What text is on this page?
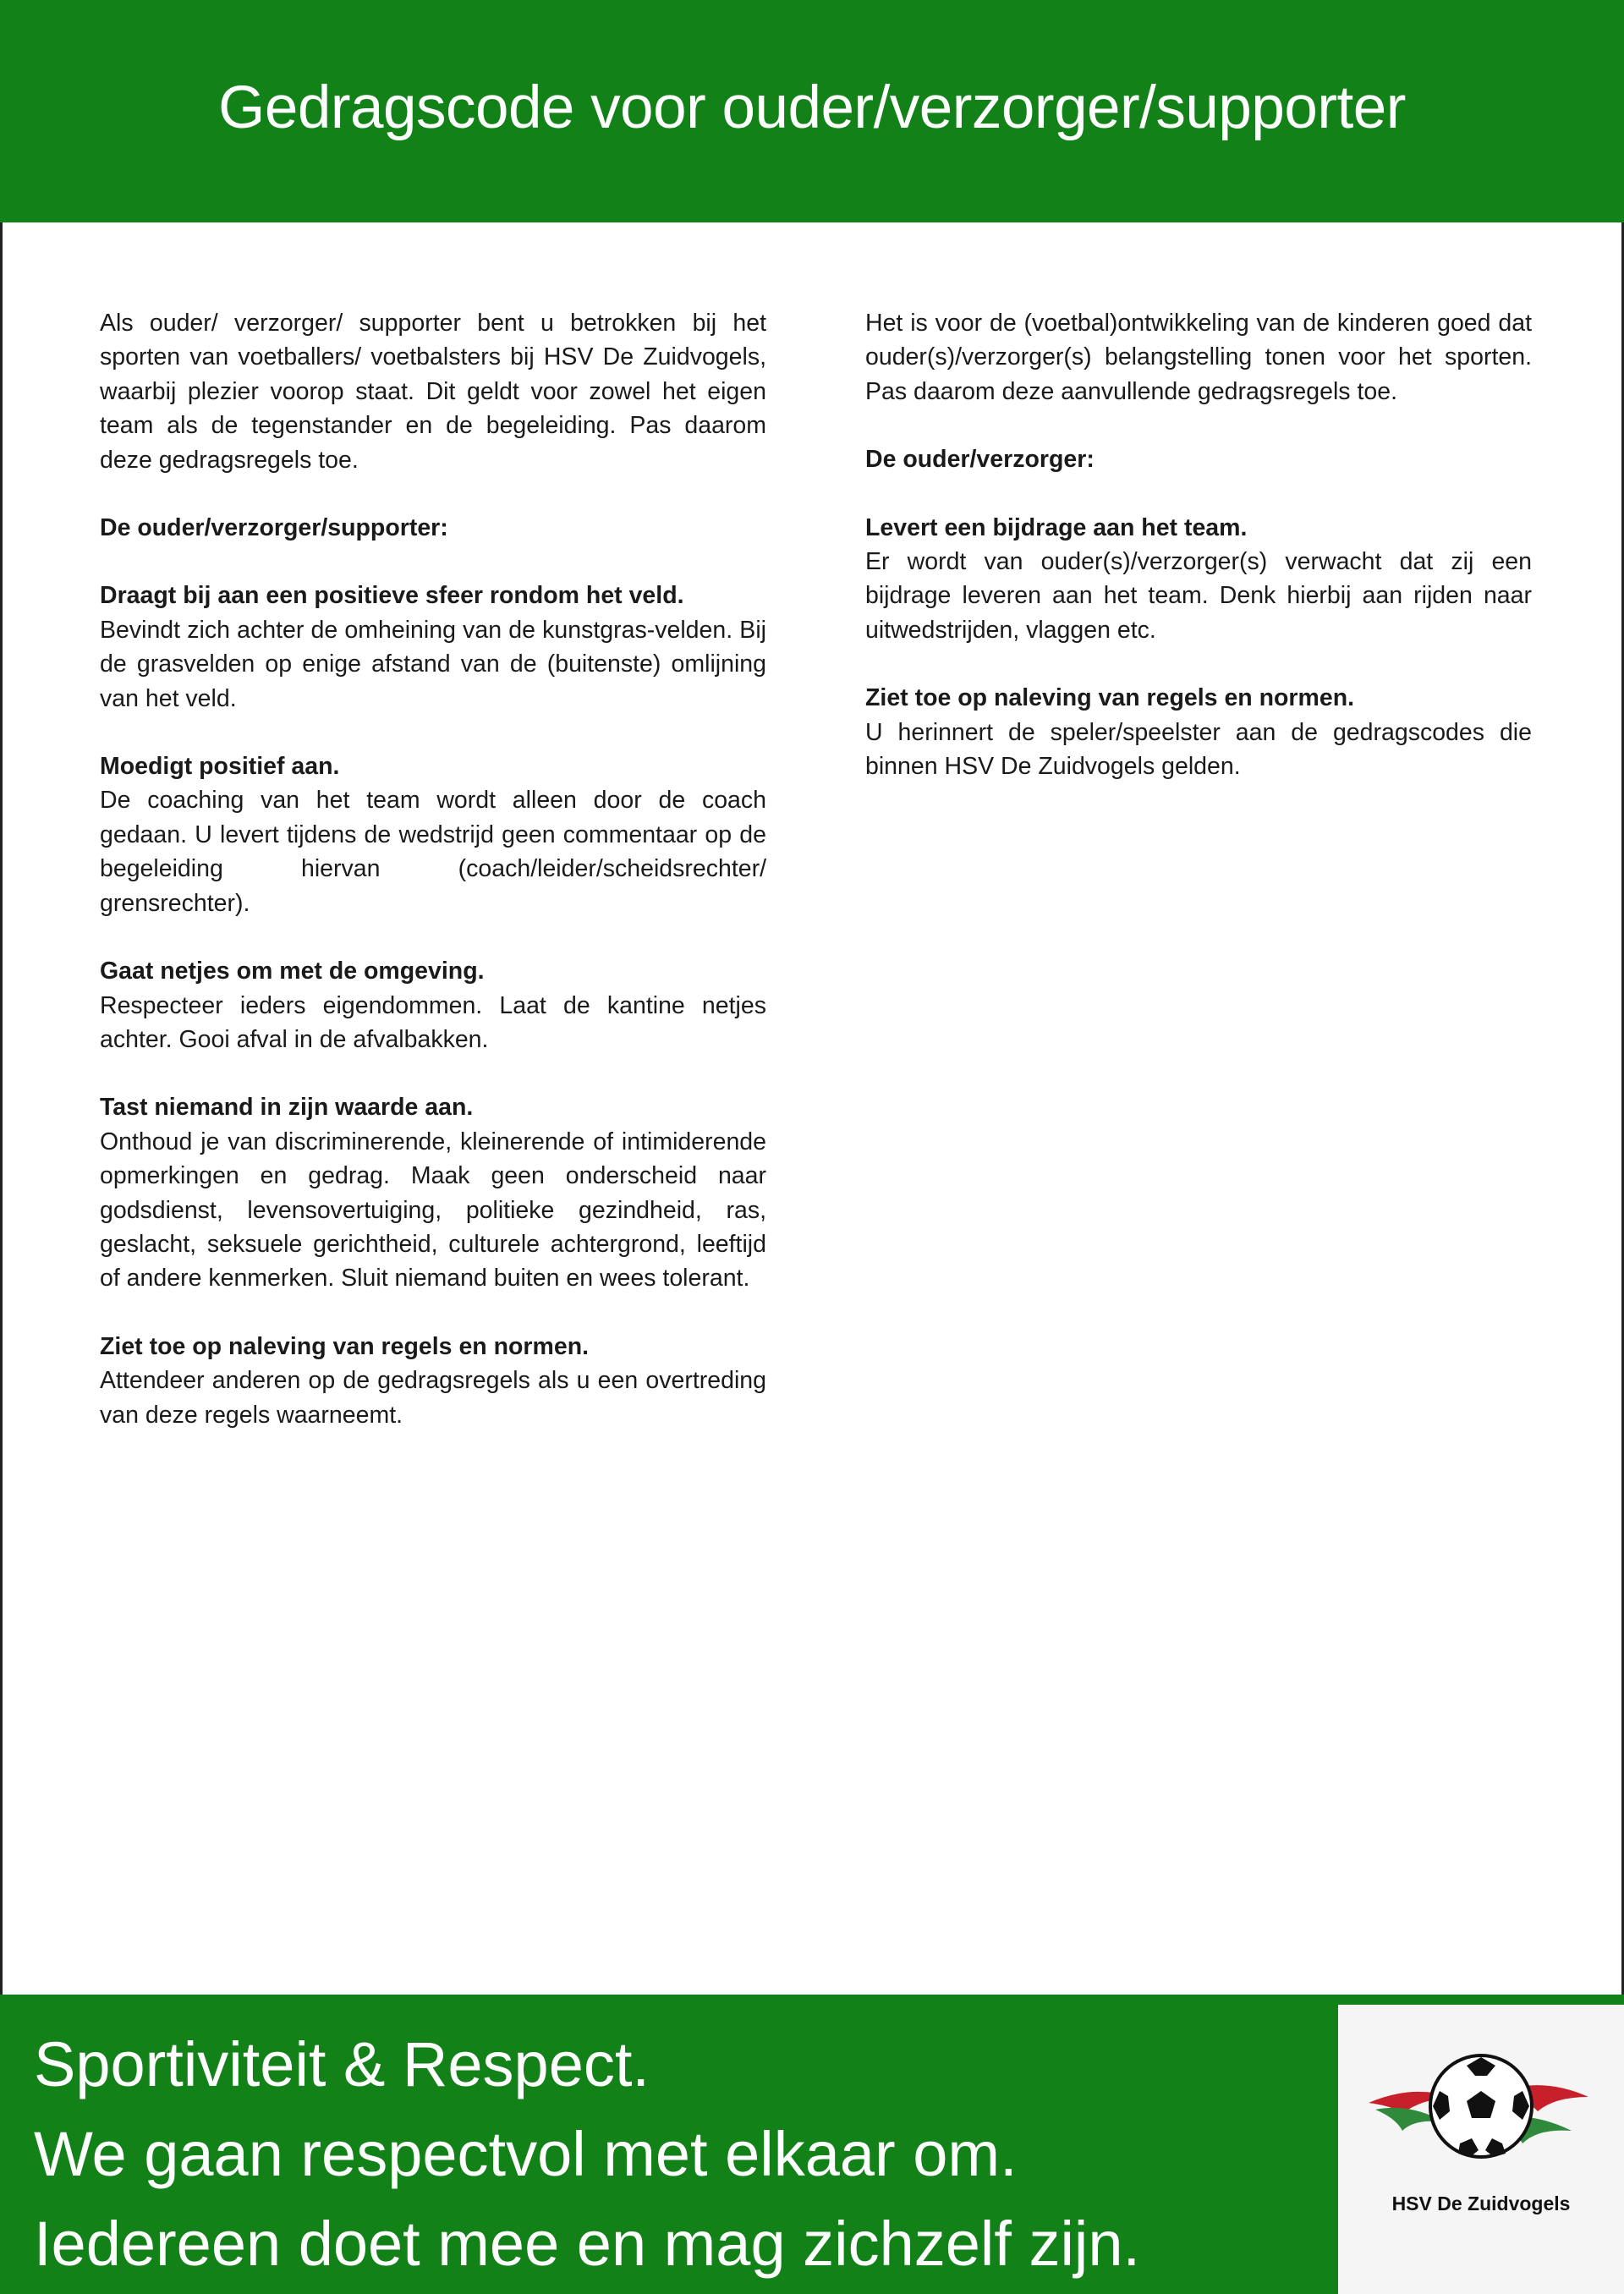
Gedragscode voor ouder/verzorger/supporter

Als ouder/ verzorger/ supporter bent u betrokken bij het sporten van voetballers/ voetbalsters bij HSV De Zuidvogels, waarbij plezier voorop staat. Dit geldt voor zowel het eigen team als de tegenstander en de begeleiding. Pas daarom deze gedragsregels toe.

De ouder/verzorger/supporter:

Draagt bij aan een positieve sfeer rondom het veld.
Bevindt zich achter de omheining van de kunstgras-velden. Bij de grasvelden op enige afstand van de (buitenste) omlijning van het veld.

Moedigt positief aan.
De coaching van het team wordt alleen door de coach gedaan. U levert tijdens de wedstrijd geen commentaar op de begeleiding hiervan (coach/leider/scheidsrechter/ grensrechter).

Gaat netjes om met de omgeving.
Respecteer ieders eigendommen. Laat de kantine netjes achter. Gooi afval in de afvalbakken.

Tast niemand in zijn waarde aan.
Onthoud je van discriminerende, kleinerende of intimiderende opmerkingen en gedrag. Maak geen onderscheid naar godsdienst, levensovertuiging, politieke gezindheid, ras, geslacht, seksuele gerichtheid, culturele achtergrond, leeftijd of andere kenmerken. Sluit niemand buiten en wees tolerant.

Ziet toe op naleving van regels en normen.
Attendeer anderen op de gedragsregels als u een overtreding van deze regels waarneemt.

Het is voor de (voetbal)ontwikkeling van de kinderen goed dat ouder(s)/verzorger(s) belangstelling tonen voor het sporten. Pas daarom deze aanvullende gedragsregels toe.

De ouder/verzorger:

Levert een bijdrage aan het team.
Er wordt van ouder(s)/verzorger(s) verwacht dat zij een bijdrage leveren aan het team. Denk hierbij aan rijden naar uitwedstrijden, vlaggen etc.

Ziet toe op naleving van regels en normen.
U herinnert de speler/speelster aan de gedragscodes die binnen HSV De Zuidvogels gelden.

Sportiviteit & Respect.
We gaan respectvol met elkaar om.
Iedereen doet mee en mag zichzelf zijn.
HSV De Zuidvogels
